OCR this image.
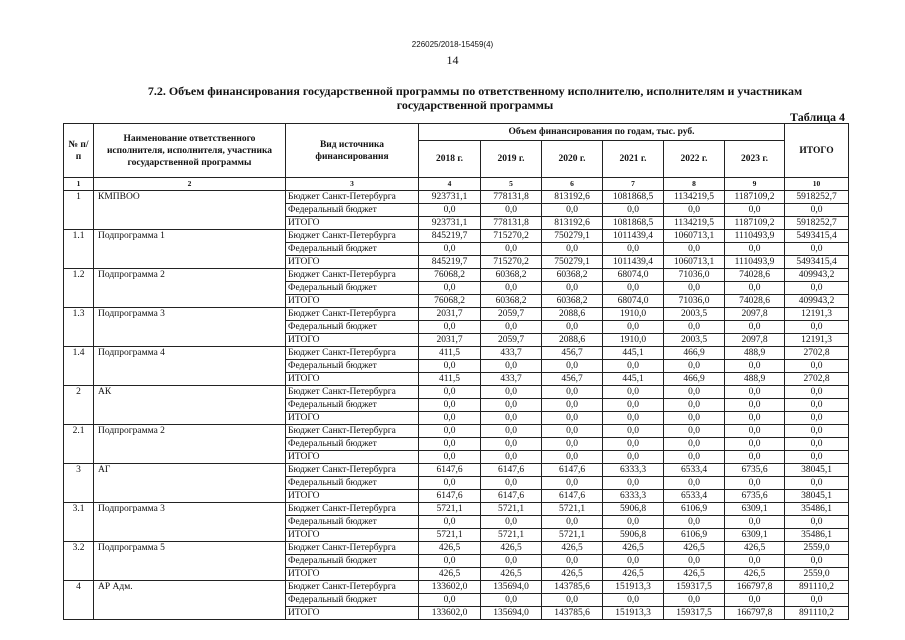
226025/2018-15459(4)
14
7.2. Объем финансирования государственной программы по ответственному исполнителю, исполнителям и участникам
государственной программы
Таблица 4
№ п/п	Наименование ответственного исполнителя, исполнителя, участника государственной программы	Вид источника финансирования	Объем финансирования по годам, тыс. руб.						ИТОГО
			2018 г.	2019 г.	2020 г.	2021 г.	2022 г.	2023 г.	
1	2	3	4	5	6	7	8	9	10
1	КМПВОО	Бюджет Санкт-Петербурга	923731,1	778131,8	813192,6	1081868,5	1134219,5	1187109,2	5918252,7
		Федеральный бюджет	0,0	0,0	0,0	0,0	0,0	0,0	0,0
		ИТОГО	923731,1	778131,8	813192,6	1081868,5	1134219,5	1187109,2	5918252,7
1.1	Подпрограмма 1	Бюджет Санкт-Петербурга	845219,7	715270,2	750279,1	1011439,4	1060713,1	1110493,9	5493415,4
		Федеральный бюджет	0,0	0,0	0,0	0,0	0,0	0,0	0,0
		ИТОГО	845219,7	715270,2	750279,1	1011439,4	1060713,1	1110493,9	5493415,4
1.2	Подпрограмма 2	Бюджет Санкт-Петербурга	76068,2	60368,2	60368,2	68074,0	71036,0	74028,6	409943,2
		Федеральный бюджет	0,0	0,0	0,0	0,0	0,0	0,0	0,0
		ИТОГО	76068,2	60368,2	60368,2	68074,0	71036,0	74028,6	409943,2
1.3	Подпрограмма 3	Бюджет Санкт-Петербурга	2031,7	2059,7	2088,6	1910,0	2003,5	2097,8	12191,3
		Федеральный бюджет	0,0	0,0	0,0	0,0	0,0	0,0	0,0
		ИТОГО	2031,7	2059,7	2088,6	1910,0	2003,5	2097,8	12191,3
1.4	Подпрограмма 4	Бюджет Санкт-Петербурга	411,5	433,7	456,7	445,1	466,9	488,9	2702,8
		Федеральный бюджет	0,0	0,0	0,0	0,0	0,0	0,0	0,0
		ИТОГО	411,5	433,7	456,7	445,1	466,9	488,9	2702,8
2	АК	Бюджет Санкт-Петербурга	0,0	0,0	0,0	0,0	0,0	0,0	0,0
		Федеральный бюджет	0,0	0,0	0,0	0,0	0,0	0,0	0,0
		ИТОГО	0,0	0,0	0,0	0,0	0,0	0,0	0,0
2.1	Подпрограмма 2	Бюджет Санкт-Петербурга	0,0	0,0	0,0	0,0	0,0	0,0	0,0
		Федеральный бюджет	0,0	0,0	0,0	0,0	0,0	0,0	0,0
		ИТОГО	0,0	0,0	0,0	0,0	0,0	0,0	0,0
3	АГ	Бюджет Санкт-Петербурга	6147,6	6147,6	6147,6	6333,3	6533,4	6735,6	38045,1
		Федеральный бюджет	0,0	0,0	0,0	0,0	0,0	0,0	0,0
		ИТОГО	6147,6	6147,6	6147,6	6333,3	6533,4	6735,6	38045,1
3.1	Подпрограмма 3	Бюджет Санкт-Петербурга	5721,1	5721,1	5721,1	5906,8	6106,9	6309,1	35486,1
		Федеральный бюджет	0,0	0,0	0,0	0,0	0,0	0,0	0,0
		ИТОГО	5721,1	5721,1	5721,1	5906,8	6106,9	6309,1	35486,1
3.2	Подпрограмма 5	Бюджет Санкт-Петербурга	426,5	426,5	426,5	426,5	426,5	426,5	2559,0
		Федеральный бюджет	0,0	0,0	0,0	0,0	0,0	0,0	0,0
		ИТОГО	426,5	426,5	426,5	426,5	426,5	426,5	2559,0
4	АР Адм.	Бюджет Санкт-Петербурга	133602,0	135694,0	143785,6	151913,3	159317,5	166797,8	891110,2
		Федеральный бюджет	0,0	0,0	0,0	0,0	0,0	0,0	0,0
		ИТОГО	133602,0	135694,0	143785,6	151913,3	159317,5	166797,8	891110,2
